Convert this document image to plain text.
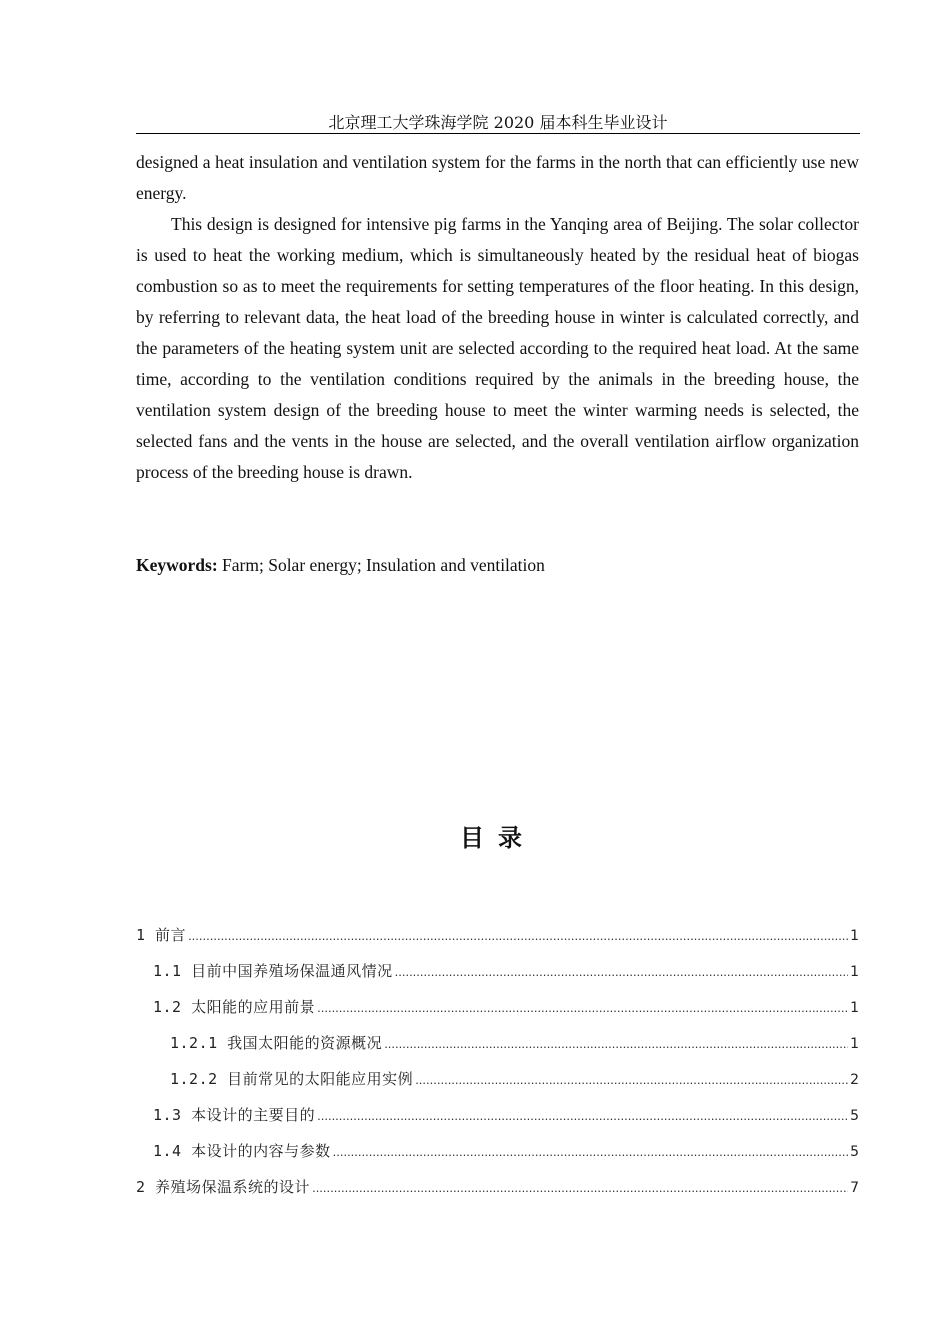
北京理工大学珠海学院 2020 届本科生毕业设计

designed a heat insulation and ventilation system for the farms in the north that can efficiently use new energy.

This design is designed for intensive pig farms in the Yanqing area of Beijing. The solar collector is used to heat the working medium, which is simultaneously heated by the residual heat of biogas combustion so as to meet the requirements for setting temperatures of the floor heating. In this design, by referring to relevant data, the heat load of the breeding house in winter is calculated correctly, and the parameters of the heating system unit are selected according to the required heat load. At the same time, according to the ventilation conditions required by the animals in the breeding house, the ventilation system design of the breeding house to meet the winter warming needs is selected, the selected fans and the vents in the house are selected, and the overall ventilation airflow organization process of the breeding house is drawn.

Keywords: Farm; Solar energy; Insulation and ventilation

目录
1 前言 .....	1
1.1 目前中国养殖场保温通风情况 .....	1
1.2 太阳能的应用前景 .....	1
1.2.1 我国太阳能的资源概况 .....	1
1.2.2 目前常见的太阳能应用实例 .....	2
1.3 本设计的主要目的 .....	5
1.4 本设计的内容与参数 .....	5
2 养殖场保温系统的设计 .....	7
